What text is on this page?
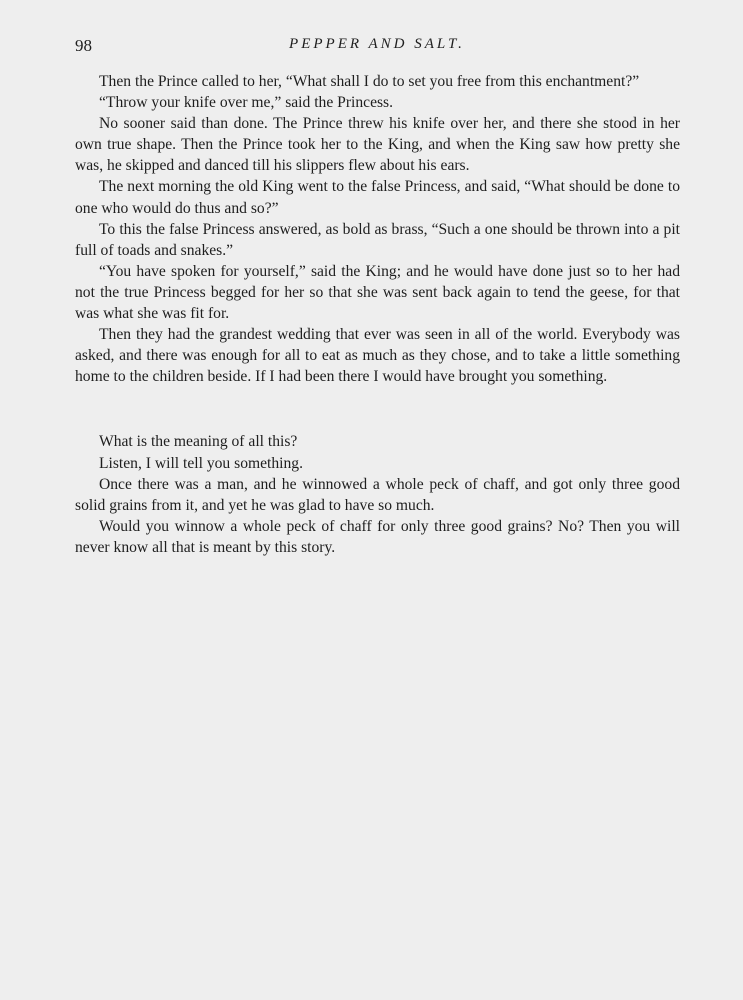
98	PEPPER AND SALT.

Then the Prince called to her, “What shall I do to set you free from this enchantment?”

“Throw your knife over me,” said the Princess.

No sooner said than done. The Prince threw his knife over her, and there she stood in her own true shape. Then the Prince took her to the King, and when the King saw how pretty she was, he skipped and danced till his slippers flew about his ears.

The next morning the old King went to the false Princess, and said, “What should be done to one who would do thus and so?”

To this the false Princess answered, as bold as brass, “Such a one should be thrown into a pit full of toads and snakes.”

“You have spoken for yourself,” said the King; and he would have done just so to her had not the true Princess begged for her so that she was sent back again to tend the geese, for that was what she was fit for.

Then they had the grandest wedding that ever was seen in all of the world. Everybody was asked, and there was enough for all to eat as much as they chose, and to take a little something home to the children beside. If I had been there I would have brought you something.

What is the meaning of all this?

Listen, I will tell you something.

Once there was a man, and he winnowed a whole peck of chaff, and got only three good solid grains from it, and yet he was glad to have so much.

Would you winnow a whole peck of chaff for only three good grains? No? Then you will never know all that is meant by this story.
